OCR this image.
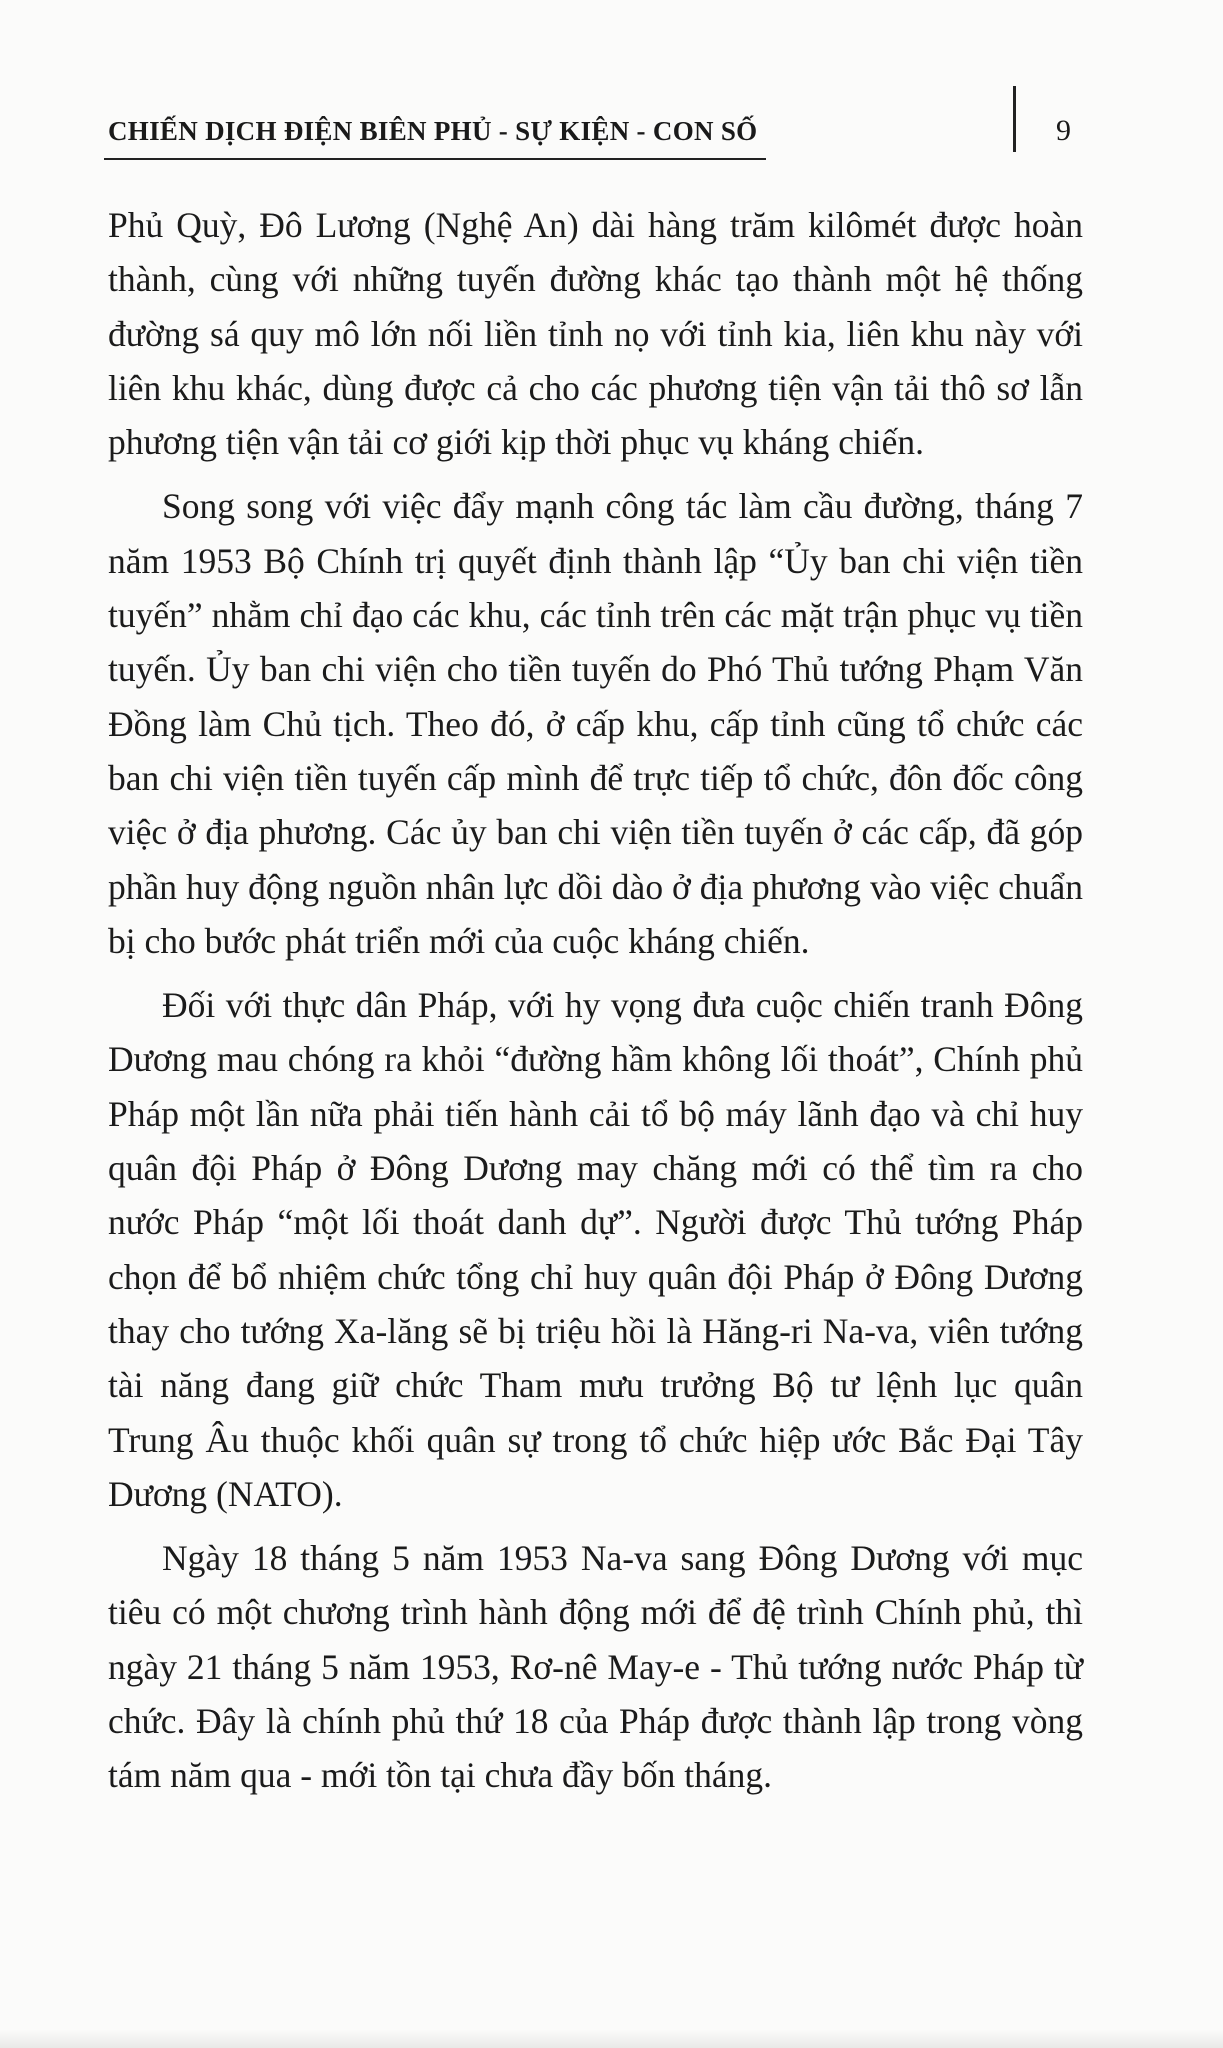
CHIẾN DỊCH ĐIỆN BIÊN PHỦ - SỰ KIỆN - CON SỐ	9

Phủ Quỳ, Đô Lương (Nghệ An) dài hàng trăm kilômét được hoàn thành, cùng với những tuyến đường khác tạo thành một hệ thống đường sá quy mô lớn nối liền tỉnh nọ với tỉnh kia, liên khu này với liên khu khác, dùng được cả cho các phương tiện vận tải thô sơ lẫn phương tiện vận tải cơ giới kịp thời phục vụ kháng chiến.

Song song với việc đẩy mạnh công tác làm cầu đường, tháng 7 năm 1953 Bộ Chính trị quyết định thành lập “Ủy ban chi viện tiền tuyến” nhằm chỉ đạo các khu, các tỉnh trên các mặt trận phục vụ tiền tuyến. Ủy ban chi viện cho tiền tuyến do Phó Thủ tướng Phạm Văn Đồng làm Chủ tịch. Theo đó, ở cấp khu, cấp tỉnh cũng tổ chức các ban chi viện tiền tuyến cấp mình để trực tiếp tổ chức, đôn đốc công việc ở địa phương. Các ủy ban chi viện tiền tuyến ở các cấp, đã góp phần huy động nguồn nhân lực dồi dào ở địa phương vào việc chuẩn bị cho bước phát triển mới của cuộc kháng chiến.

Đối với thực dân Pháp, với hy vọng đưa cuộc chiến tranh Đông Dương mau chóng ra khỏi “đường hầm không lối thoát”, Chính phủ Pháp một lần nữa phải tiến hành cải tổ bộ máy lãnh đạo và chỉ huy quân đội Pháp ở Đông Dương may chăng mới có thể tìm ra cho nước Pháp “một lối thoát danh dự”. Người được Thủ tướng Pháp chọn để bổ nhiệm chức tổng chỉ huy quân đội Pháp ở Đông Dương thay cho tướng Xa-lăng sẽ bị triệu hồi là Hăng-ri Na-va, viên tướng tài năng đang giữ chức Tham mưu trưởng Bộ tư lệnh lục quân Trung Âu thuộc khối quân sự trong tổ chức hiệp ước Bắc Đại Tây Dương (NATO).

Ngày 18 tháng 5 năm 1953 Na-va sang Đông Dương với mục tiêu có một chương trình hành động mới để đệ trình Chính phủ, thì ngày 21 tháng 5 năm 1953, Rơ-nê May-e - Thủ tướng nước Pháp từ chức. Đây là chính phủ thứ 18 của Pháp được thành lập trong vòng tám năm qua - mới tồn tại chưa đầy bốn tháng.
